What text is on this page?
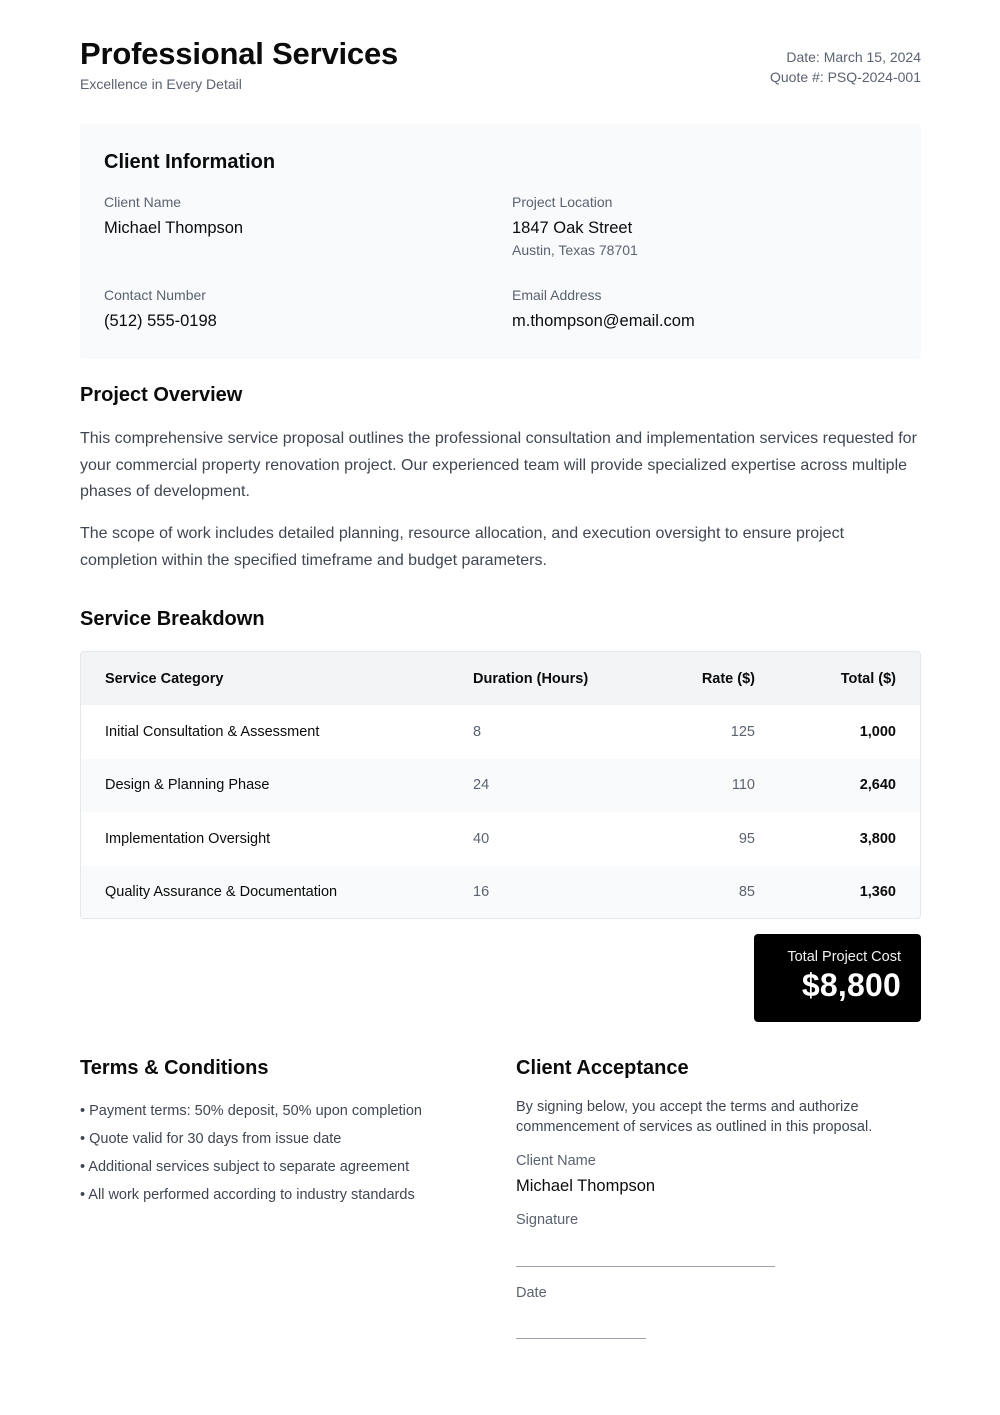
Professional Services
Excellence in Every Detail
Date: March 15, 2024
Quote #: PSQ-2024-001
Client Information
Client Name
Michael Thompson
Project Location
1847 Oak Street
Austin, Texas 78701
Contact Number
(512) 555-0198
Email Address
m.thompson@email.com
Project Overview

This comprehensive service proposal outlines the professional consultation and implementation services requested for your commercial property renovation project. Our experienced team will provide specialized expertise across multiple phases of development.

The scope of work includes detailed planning, resource allocation, and execution oversight to ensure project completion within the specified timeframe and budget parameters.

Service Breakdown
Service Category	Duration (Hours)	Rate ($)	Total ($)
Initial Consultation & Assessment	8	125	1,000
Design & Planning Phase	24	110	2,640
Implementation Oversight	40	95	3,800
Quality Assurance & Documentation	16	85	1,360
Total Project Cost
$8,800
Terms & Conditions
• Payment terms: 50% deposit, 50% upon completion
• Quote valid for 30 days from issue date
• Additional services subject to separate agreement
• All work performed according to industry standards
Client Acceptance

By signing below, you accept the terms and authorize commencement of services as outlined in this proposal.

Client Name
Michael Thompson
Signature
Date
